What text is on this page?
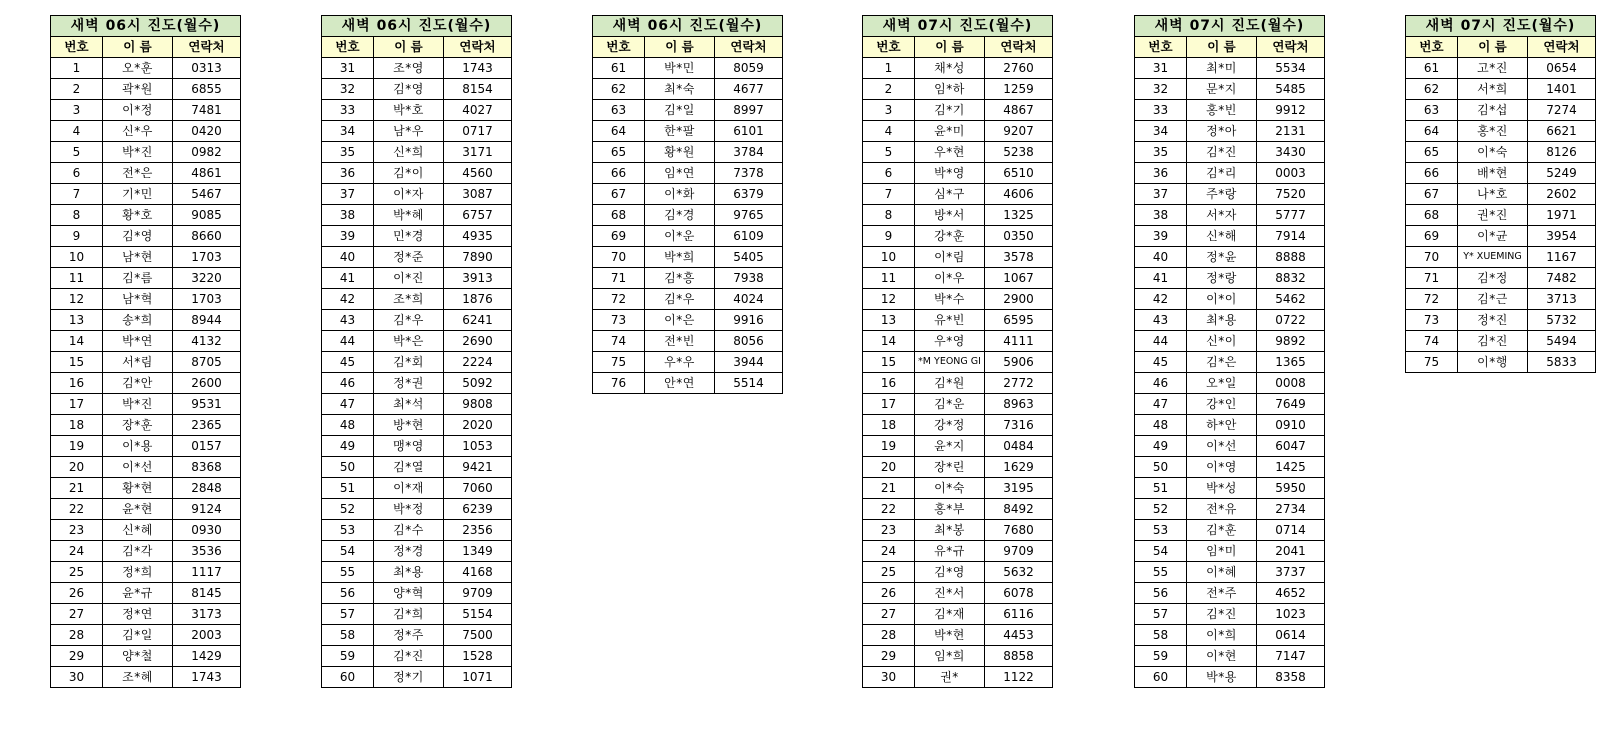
새벽 06시 진도(월수)		
번호	이 름	연락처
1	오*훈	0313
2	곽*원	6855
3	이*정	7481
4	신*우	0420
5	박*진	0982
6	전*은	4861
7	기*민	5467
8	황*호	9085
9	김*영	8660
10	남*현	1703
11	김*름	3220
12	남*혁	1703
13	송*희	8944
14	박*연	4132
15	서*림	8705
16	김*안	2600
17	박*진	9531
18	장*훈	2365
19	이*용	0157
20	이*선	8368
21	황*현	2848
22	윤*현	9124
23	신*혜	0930
24	김*각	3536
25	정*희	1117
26	윤*규	8145
27	정*연	3173
28	김*일	2003
29	양*철	1429
30	조*혜	1743
새벽 06시 진도(월수)		
번호	이 름	연락처
31	조*영	1743
32	김*영	8154
33	박*호	4027
34	남*우	0717
35	신*희	3171
36	김*이	4560
37	이*자	3087
38	박*혜	6757
39	민*경	4935
40	정*준	7890
41	이*진	3913
42	조*희	1876
43	김*우	6241
44	박*은	2690
45	김*회	2224
46	정*권	5092
47	최*석	9808
48	방*현	2020
49	맹*영	1053
50	김*열	9421
51	이*재	7060
52	박*정	6239
53	김*수	2356
54	정*경	1349
55	최*용	4168
56	양*혁	9709
57	김*희	5154
58	정*주	7500
59	김*진	1528
60	정*기	1071
새벽 06시 진도(월수)		
번호	이 름	연락처
61	박*민	8059
62	최*숙	4677
63	김*일	8997
64	한*팔	6101
65	황*원	3784
66	임*연	7378
67	이*화	6379
68	김*경	9765
69	이*운	6109
70	박*희	5405
71	김*흥	7938
72	김*우	4024
73	이*은	9916
74	전*빈	8056
75	우*우	3944
76	안*연	5514
새벽 07시 진도(월수)		
번호	이 름	연락처
1	채*성	2760
2	임*하	1259
3	김*기	4867
4	윤*미	9207
5	우*현	5238
6	박*영	6510
7	심*구	4606
8	방*서	1325
9	강*훈	0350
10	이*림	3578
11	이*우	1067
12	박*수	2900
13	유*빈	6595
14	우*영	4111
15	*M YEONG GI	5906
16	김*원	2772
17	김*운	8963
18	강*정	7316
19	윤*지	0484
20	장*린	1629
21	이*숙	3195
22	홍*부	8492
23	최*봉	7680
24	유*규	9709
25	김*영	5632
26	진*서	6078
27	김*재	6116
28	박*현	4453
29	임*희	8858
30	권*	1122
새벽 07시 진도(월수)		
번호	이 름	연락처
31	최*미	5534
32	문*지	5485
33	홍*빈	9912
34	정*아	2131
35	김*진	3430
36	김*리	0003
37	주*랑	7520
38	서*자	5777
39	신*해	7914
40	정*윤	8888
41	정*랑	8832
42	이*이	5462
43	최*용	0722
44	신*이	9892
45	김*은	1365
46	오*일	0008
47	강*인	7649
48	하*안	0910
49	이*선	6047
50	이*영	1425
51	박*성	5950
52	전*유	2734
53	김*훈	0714
54	임*미	2041
55	이*혜	3737
56	전*주	4652
57	김*진	1023
58	이*희	0614
59	이*현	7147
60	박*용	8358
새벽 07시 진도(월수)		
번호	이 름	연락처
61	고*진	0654
62	서*희	1401
63	김*섭	7274
64	홍*진	6621
65	이*숙	8126
66	배*현	5249
67	나*호	2602
68	권*진	1971
69	이*균	3954
70	Y* XUEMING	1167
71	김*정	7482
72	김*근	3713
73	정*진	5732
74	김*진	5494
75	이*행	5833
